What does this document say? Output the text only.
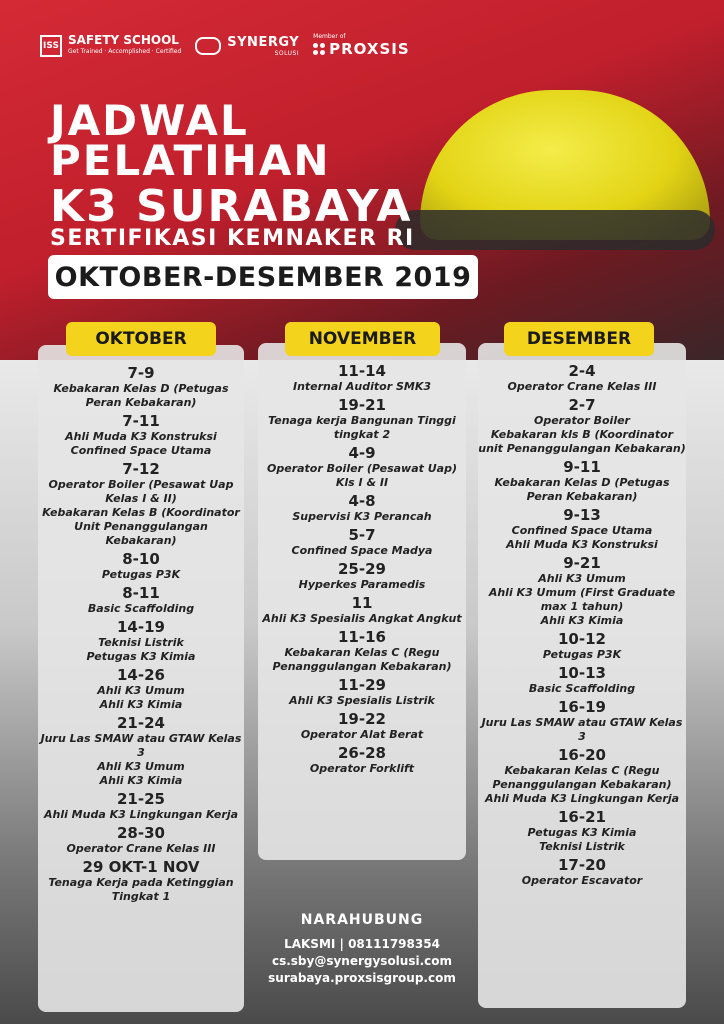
ISS SAFETY SCHOOL
Get Trained · Accomplished · Certified
SYNERGY
SOLUSI
Member of
PROXSIS
JADWAL
PELATIHAN
K3 SURABAYA
SERTIFIKASI KEMNAKER RI
OKTOBER-DESEMBER 2019
7-9
Kebakaran Kelas D (Petugas Peran Kebakaran)
7-11
Ahli Muda K3 Konstruksi
Confined Space Utama
7-12
Operator Boiler (Pesawat Uap Kelas I & II)
Kebakaran Kelas B (Koordinator Unit Penanggulangan Kebakaran)
8-10
Petugas P3K
8-11
Basic Scaffolding
14-19
Teknisi Listrik
Petugas K3 Kimia
14-26
Ahli K3 Umum
Ahli K3 Kimia
21-24
Juru Las SMAW atau GTAW Kelas 3
Ahli K3 Umum
Ahli K3 Kimia
21-25
Ahli Muda K3 Lingkungan Kerja
28-30
Operator Crane Kelas III
29 OKT-1 NOV
Tenaga Kerja pada Ketinggian Tingkat 1
11-14
Internal Auditor SMK3
19-21
Tenaga kerja Bangunan Tinggi tingkat 2
4-9
Operator Boiler (Pesawat Uap) Kls I & II
4-8
Supervisi K3 Perancah
5-7
Confined Space Madya
25-29
Hyperkes Paramedis
11
Ahli K3 Spesialis Angkat Angkut
11-16
Kebakaran Kelas C (Regu Penanggulangan Kebakaran)
11-29
Ahli K3 Spesialis Listrik
19-22
Operator Alat Berat
26-28
Operator Forklift
2-4
Operator Crane Kelas III
2-7
Operator Boiler
Kebakaran kls B (Koordinator unit Penanggulangan Kebakaran)
9-11
Kebakaran Kelas D (Petugas Peran Kebakaran)
9-13
Confined Space Utama
Ahli Muda K3 Konstruksi
9-21
Ahli K3 Umum
Ahli K3 Umum (First Graduate max 1 tahun)
Ahli K3 Kimia
10-12
Petugas P3K
10-13
Basic Scaffolding
16-19
Juru Las SMAW atau GTAW Kelas 3
16-20
Kebakaran Kelas C (Regu Penanggulangan Kebakaran)
Ahli Muda K3 Lingkungan Kerja
16-21
Petugas K3 Kimia
Teknisi Listrik
17-20
Operator Escavator
OKTOBER	NOVEMBER	DESEMBER
NARAHUBUNG
LAKSMI | 08111798354
cs.sby@synergysolusi.com
surabaya.proxsisgroup.com
